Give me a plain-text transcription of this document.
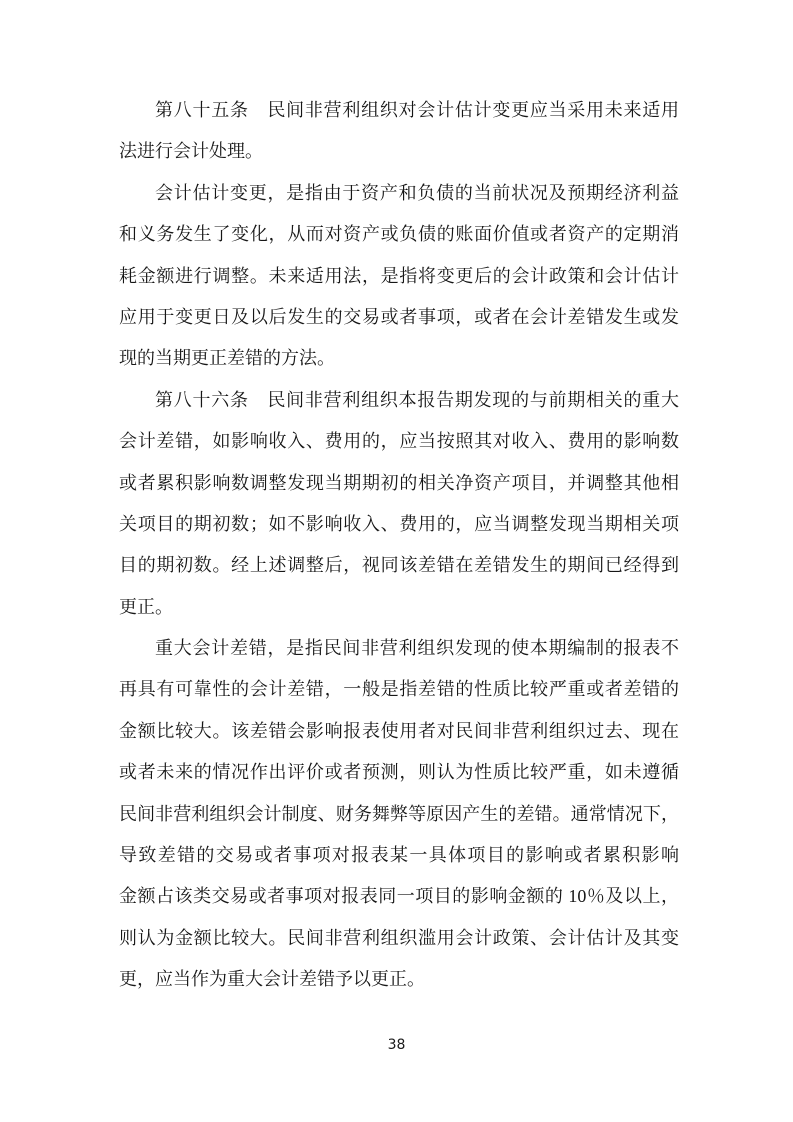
第八十五条　民间非营利组织对会计估计变更应当采用未来适用
法进行会计处理。
会计估计变更，是指由于资产和负债的当前状况及预期经济利益
和义务发生了变化，从而对资产或负债的账面价值或者资产的定期消
耗金额进行调整。未来适用法，是指将变更后的会计政策和会计估计
应用于变更日及以后发生的交易或者事项，或者在会计差错发生或发
现的当期更正差错的方法。
第八十六条　民间非营利组织本报告期发现的与前期相关的重大
会计差错，如影响收入、费用的，应当按照其对收入、费用的影响数
或者累积影响数调整发现当期期初的相关净资产项目，并调整其他相
关项目的期初数；如不影响收入、费用的，应当调整发现当期相关项
目的期初数。经上述调整后，视同该差错在差错发生的期间已经得到
更正。
重大会计差错，是指民间非营利组织发现的使本期编制的报表不
再具有可靠性的会计差错，一般是指差错的性质比较严重或者差错的
金额比较大。该差错会影响报表使用者对民间非营利组织过去、现在
或者未来的情况作出评价或者预测，则认为性质比较严重，如未遵循
民间非营利组织会计制度、财务舞弊等原因产生的差错。通常情况下，
导致差错的交易或者事项对报表某一具体项目的影响或者累积影响
金额占该类交易或者事项对报表同一项目的影响金额的 10％及以上，
则认为金额比较大。民间非营利组织滥用会计政策、会计估计及其变
更，应当作为重大会计差错予以更正。
38
